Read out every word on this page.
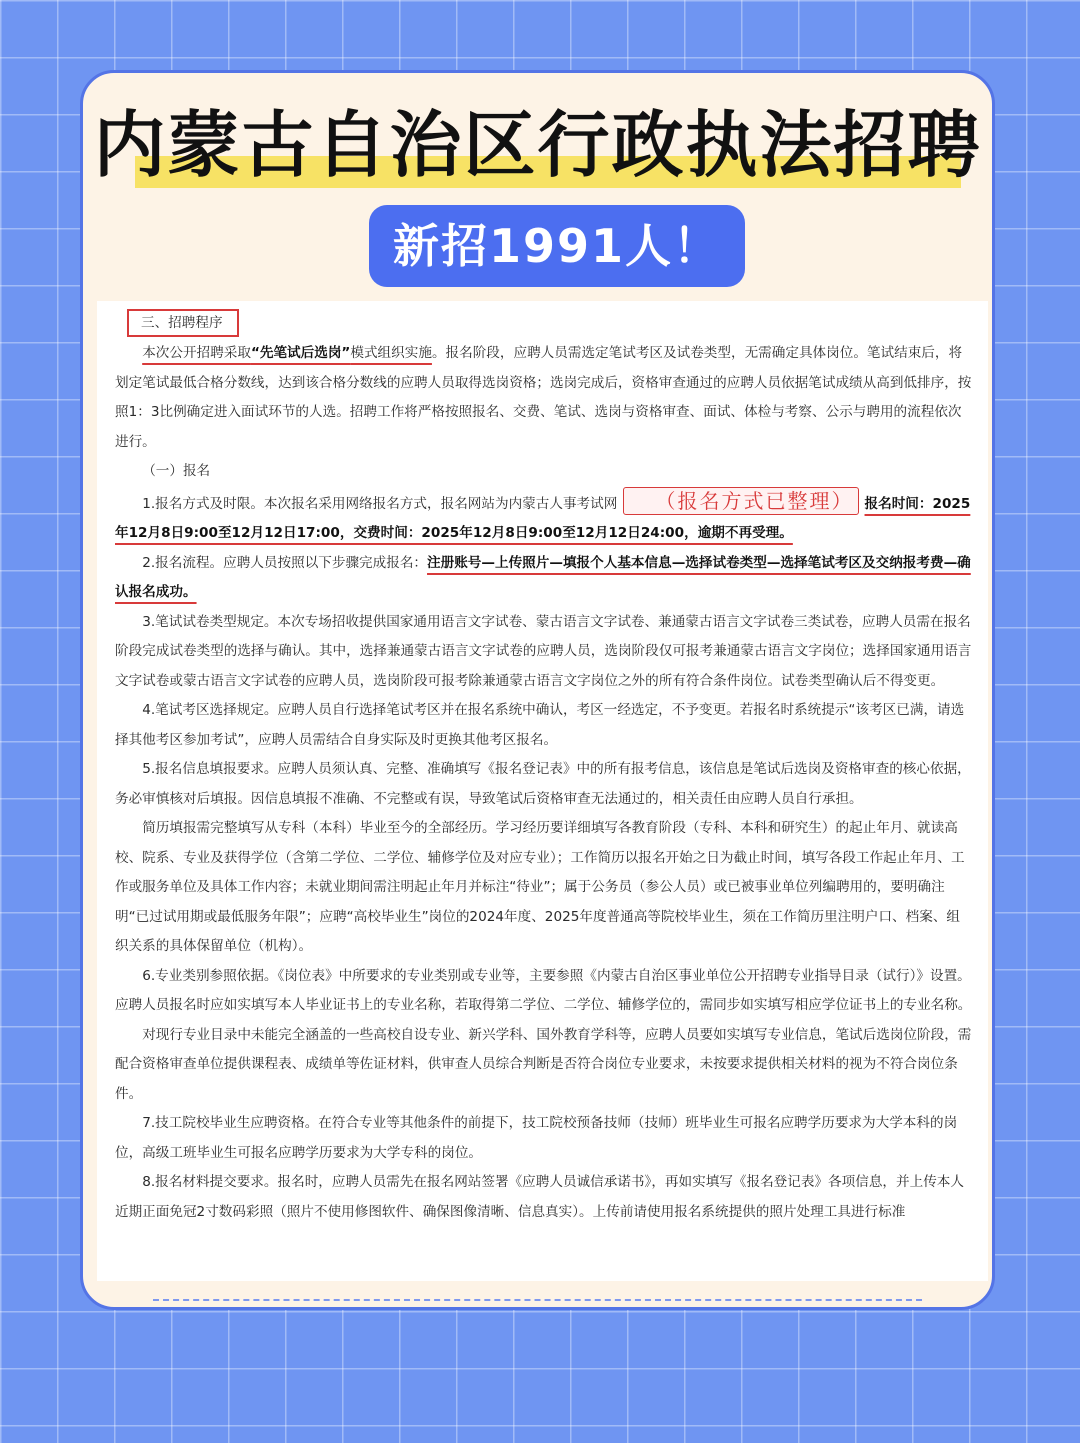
内蒙古自治区行政执法招聘
新招1991人！
三、招聘程序

本次公开招聘采取“先笔试后选岗”模式组织实施。报名阶段，应聘人员需选定笔试考区及试卷类型，无需确定具体岗位。笔试结束后，将划定笔试最低合格分数线，达到该合格分数线的应聘人员取得选岗资格；选岗完成后，资格审查通过的应聘人员依据笔试成绩从高到低排序，按照1：3比例确定进入面试环节的人选。招聘工作将严格按照报名、交费、笔试、选岗与资格审查、面试、体检与考察、公示与聘用的流程依次进行。

（一）报名

1.报名方式及时限。本次报名采用网络报名方式，报名网站为内蒙古人事考试网 （报名方式已整理） 报名时间：2025年12月8日9:00至12月12日17:00，交费时间：2025年12月8日9:00至12月12日24:00，逾期不再受理。

2.报名流程。应聘人员按照以下步骤完成报名：注册账号—上传照片—填报个人基本信息—选择试卷类型—选择笔试考区及交纳报考费—确认报名成功。

3.笔试试卷类型规定。本次专场招收提供国家通用语言文字试卷、蒙古语言文字试卷、兼通蒙古语言文字试卷三类试卷，应聘人员需在报名阶段完成试卷类型的选择与确认。其中，选择兼通蒙古语言文字试卷的应聘人员，选岗阶段仅可报考兼通蒙古语言文字岗位；选择国家通用语言文字试卷或蒙古语言文字试卷的应聘人员，选岗阶段可报考除兼通蒙古语言文字岗位之外的所有符合条件岗位。试卷类型确认后不得变更。

4.笔试考区选择规定。应聘人员自行选择笔试考区并在报名系统中确认，考区一经选定，不予变更。若报名时系统提示“该考区已满，请选择其他考区参加考试”，应聘人员需结合自身实际及时更换其他考区报名。

5.报名信息填报要求。应聘人员须认真、完整、准确填写《报名登记表》中的所有报考信息，该信息是笔试后选岗及资格审查的核心依据，务必审慎核对后填报。因信息填报不准确、不完整或有误，导致笔试后资格审查无法通过的，相关责任由应聘人员自行承担。

简历填报需完整填写从专科（本科）毕业至今的全部经历。学习经历要详细填写各教育阶段（专科、本科和研究生）的起止年月、就读高校、院系、专业及获得学位（含第二学位、二学位、辅修学位及对应专业）；工作简历以报名开始之日为截止时间，填写各段工作起止年月、工作或服务单位及具体工作内容；未就业期间需注明起止年月并标注“待业”；属于公务员（参公人员）或已被事业单位列编聘用的，要明确注明“已过试用期或最低服务年限”；应聘“高校毕业生”岗位的2024年度、2025年度普通高等院校毕业生，须在工作简历里注明户口、档案、组织关系的具体保留单位（机构）。

6.专业类别参照依据。《岗位表》中所要求的专业类别或专业等，主要参照《内蒙古自治区事业单位公开招聘专业指导目录（试行）》设置。应聘人员报名时应如实填写本人毕业证书上的专业名称，若取得第二学位、二学位、辅修学位的，需同步如实填写相应学位证书上的专业名称。

对现行专业目录中未能完全涵盖的一些高校自设专业、新兴学科、国外教育学科等，应聘人员要如实填写专业信息，笔试后选岗位阶段，需配合资格审查单位提供课程表、成绩单等佐证材料，供审查人员综合判断是否符合岗位专业要求，未按要求提供相关材料的视为不符合岗位条件。

7.技工院校毕业生应聘资格。在符合专业等其他条件的前提下，技工院校预备技师（技师）班毕业生可报名应聘学历要求为大学本科的岗位，高级工班毕业生可报名应聘学历要求为大学专科的岗位。

8.报名材料提交要求。报名时，应聘人员需先在报名网站签署《应聘人员诚信承诺书》，再如实填写《报名登记表》各项信息，并上传本人近期正面免冠2寸数码彩照（照片不使用修图软件、确保图像清晰、信息真实）。上传前请使用报名系统提供的照片处理工具进行标准
